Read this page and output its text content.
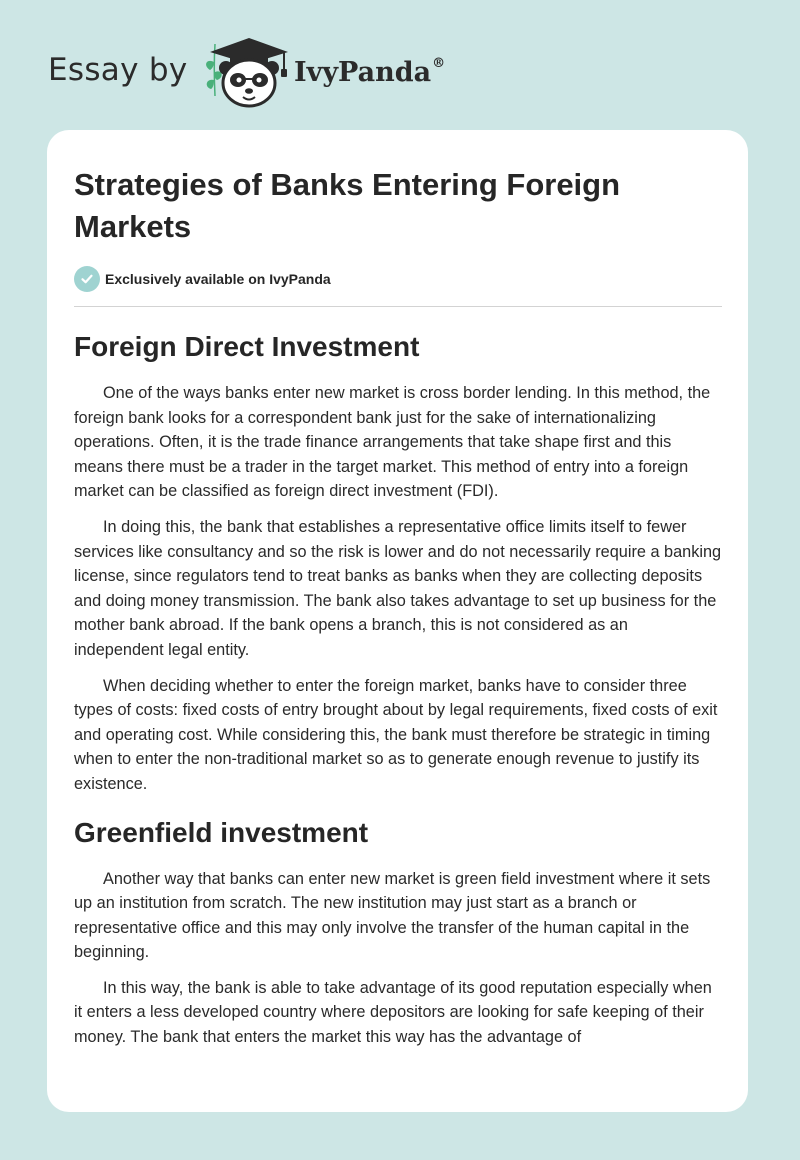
Essay by	IvyPanda®
Strategies of Banks Entering Foreign Markets
Exclusively available on IvyPanda
Foreign Direct Investment

One of the ways banks enter new market is cross border lending. In this method, the foreign bank looks for a correspondent bank just for the sake of internationalizing operations. Often, it is the trade finance arrangements that take shape first and this means there must be a trader in the target market. This method of entry into a foreign market can be classified as foreign direct investment (FDI).

In doing this, the bank that establishes a representative office limits itself to fewer services like consultancy and so the risk is lower and do not necessarily require a banking license, since regulators tend to treat banks as banks when they are collecting deposits and doing money transmission. The bank also takes advantage to set up business for the mother bank abroad. If the bank opens a branch, this is not considered as an independent legal entity.

When deciding whether to enter the foreign market, banks have to consider three types of costs: fixed costs of entry brought about by legal requirements, fixed costs of exit and operating cost. While considering this, the bank must therefore be strategic in timing when to enter the non-traditional market so as to generate enough revenue to justify its existence.

Greenfield investment

Another way that banks can enter new market is green field investment where it sets up an institution from scratch. The new institution may just start as a branch or representative office and this may only involve the transfer of the human capital in the beginning.

In this way, the bank is able to take advantage of its good reputation especially when it enters a less developed country where depositors are looking for safe keeping of their money. The bank that enters the market this way has the advantage of
